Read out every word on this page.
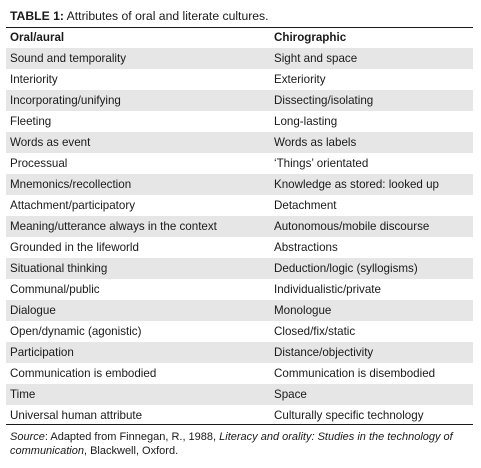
TABLE 1: Attributes of oral and literate cultures.
Oral/aural	Chirographic
Sound and temporality	Sight and space
Interiority	Exteriority
Incorporating/unifying	Dissecting/isolating
Fleeting	Long-lasting
Words as event	Words as labels
Processual	‘Things’ orientated
Mnemonics/recollection	Knowledge as stored: looked up
Attachment/participatory	Detachment
Meaning/utterance always in the context	Autonomous/mobile discourse
Grounded in the lifeworld	Abstractions
Situational thinking	Deduction/logic (syllogisms)
Communal/public	Individualistic/private
Dialogue	Monologue
Open/dynamic (agonistic)	Closed/fix/static
Participation	Distance/objectivity
Communication is embodied	Communication is disembodied
Time	Space
Universal human attribute	Culturally specific technology
Source: Adapted from Finnegan, R., 1988, Literacy and orality: Studies in the technology of communication, Blackwell, Oxford.
